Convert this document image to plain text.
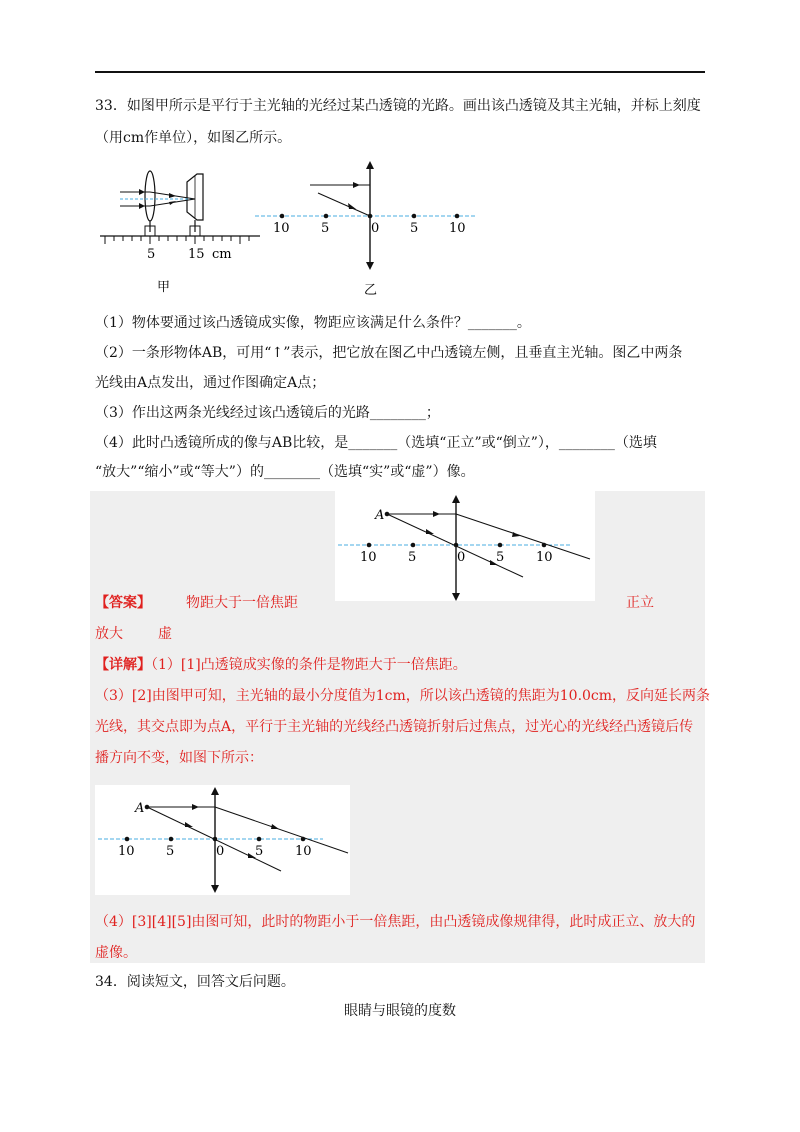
33．如图甲所示是平行于主光轴的光经过某凸透镜的光路。画出该凸透镜及其主光轴，并标上刻度
（用cm作单位），如图乙所示。
5	15 cm
甲
10 5	0 5 10
乙
（1）物体要通过该凸透镜成实像，物距应该满足什么条件？_______。
（2）一条形物体AB，可用“↑”表示，把它放在图乙中凸透镜左侧，且垂直主光轴。图乙中两条
光线由A点发出，通过作图确定A点；
（3）作出这两条光线经过该凸透镜后的光路________；
（4）此时凸透镜所成的像与AB比较，是_______（选填“正立”或“倒立”），________（选填
“放大”“缩小”或“等大”）的________（选填“实”或“虚”）像。
A
10 5	0 5 10
【答案】	物距大于一倍焦距	正立
放大	虚
【详解】（1）[1]凸透镜成实像的条件是物距大于一倍焦距。
（3）[2]由图甲可知，主光轴的最小分度值为1cm，所以该凸透镜的焦距为10.0cm，反向延长两条
光线，其交点即为点A，平行于主光轴的光线经凸透镜折射后过焦点，过光心的光线经凸透镜后传
播方向不变，如图下所示：
A
10 5	0 5 10
（4）[3][4][5]由图可知，此时的物距小于一倍焦距，由凸透镜成像规律得，此时成正立、放大的
虚像。
34．阅读短文，回答文后问题。
眼睛与眼镜的度数
